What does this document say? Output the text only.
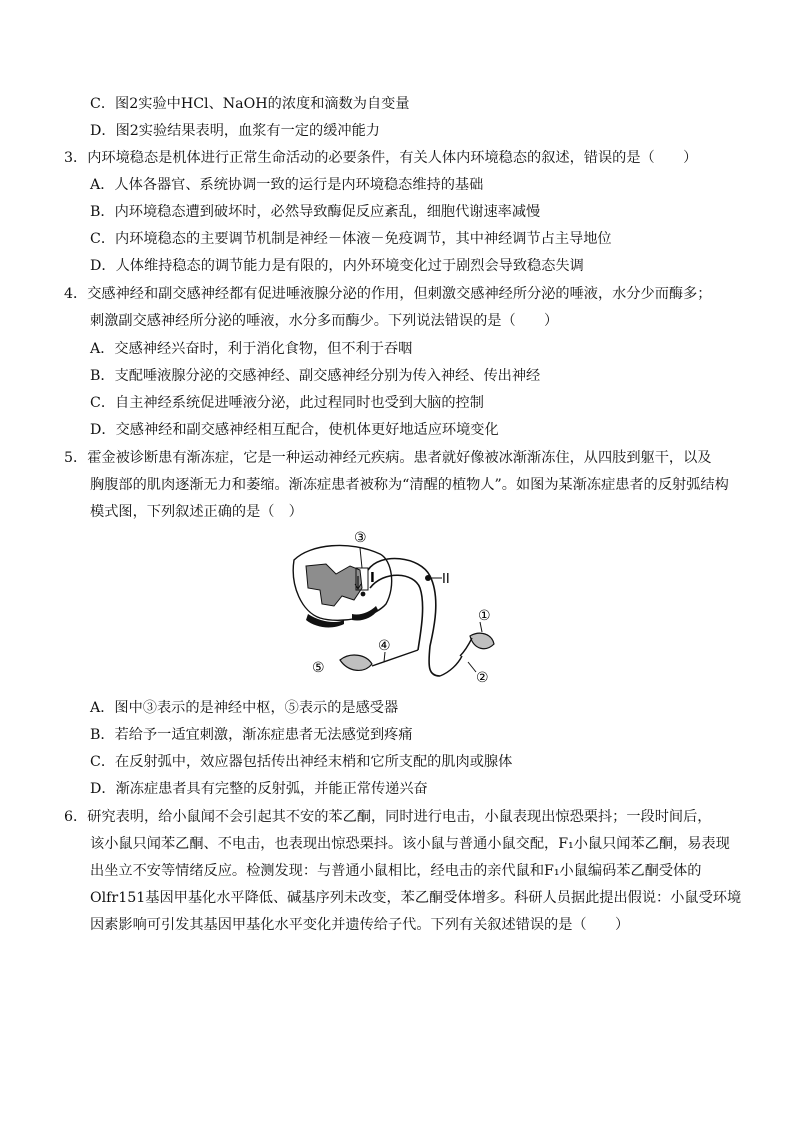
C．图2实验中HCl、NaOH的浓度和滴数为自变量
D．图2实验结果表明，血浆有一定的缓冲能力
3．内环境稳态是机体进行正常生命活动的必要条件，有关人体内环境稳态的叙述，错误的是（　　）
A．人体各器官、系统协调一致的运行是内环境稳态维持的基础
B．内环境稳态遭到破坏时，必然导致酶促反应紊乱，细胞代谢速率减慢
C．内环境稳态的主要调节机制是神经－体液－免疫调节，其中神经调节占主导地位
D．人体维持稳态的调节能力是有限的，内外环境变化过于剧烈会导致稳态失调
4．交感神经和副交感神经都有促进唾液腺分泌的作用，但刺激交感神经所分泌的唾液，水分少而酶多；
刺激副交感神经所分泌的唾液，水分多而酶少。下列说法错误的是（　　）
A．交感神经兴奋时，利于消化食物，但不利于吞咽
B．支配唾液腺分泌的交感神经、副交感神经分别为传入神经、传出神经
C．自主神经系统促进唾液分泌，此过程同时也受到大脑的控制
D．交感神经和副交感神经相互配合，使机体更好地适应环境变化
5．霍金被诊断患有渐冻症，它是一种运动神经元疾病。患者就好像被冰渐渐冻住，从四肢到躯干，以及
胸腹部的肌肉逐渐无力和萎缩。渐冻症患者被称为“清醒的植物人”。如图为某渐冻症患者的反射弧结构
模式图，下列叙述正确的是（　）
③
I	II
①
②
④
⑤
A．图中③表示的是神经中枢，⑤表示的是感受器
B．若给予一适宜刺激，渐冻症患者无法感觉到疼痛
C．在反射弧中，效应器包括传出神经末梢和它所支配的肌肉或腺体
D．渐冻症患者具有完整的反射弧，并能正常传递兴奋
6．研究表明，给小鼠闻不会引起其不安的苯乙酮，同时进行电击，小鼠表现出惊恐栗抖；一段时间后，
该小鼠只闻苯乙酮、不电击，也表现出惊恐栗抖。该小鼠与普通小鼠交配，F₁小鼠只闻苯乙酮，易表现
出坐立不安等情绪反应。检测发现：与普通小鼠相比，经电击的亲代鼠和F₁小鼠编码苯乙酮受体的
Olfr151基因甲基化水平降低、碱基序列未改变，苯乙酮受体增多。科研人员据此提出假说：小鼠受环境
因素影响可引发其基因甲基化水平变化并遗传给子代。下列有关叙述错误的是（　　）
